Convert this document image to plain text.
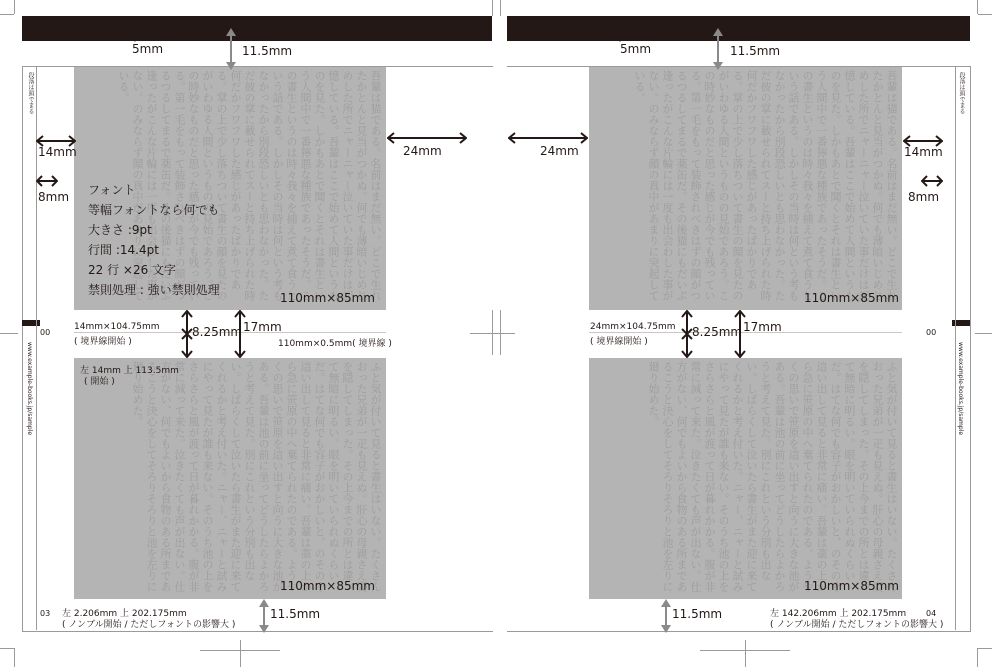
00
段落は頭でまる
www.example-books.jp/sample
吾輩は猫である。名前はまだ無い。どこで生れたかとんと見当がつかぬ。何でも薄暗いじめじめした所でニャーニャー泣いていた事だけは記憶している。吾輩はここで始めて人間というものを見た。しかもあとで聞くとそれは書生という人間中で一番獰悪な種族であったそうだ。この書生というのは時々我々を捕えて煮て食うという話である。しかしその当時は何という考もなかったから別段恐しいとも思わなかった。ただ彼の掌に載せられてスーと持ち上げられた時何だかフワフワした感じがあったばかりである。掌の上で少し落ちついて書生の顔を見たのがいわゆる人間というものの見始であろう。この時妙なものだと思った感じが今でも残っている。第一毛をもって装飾されべきはずの顔がつるつるしてまるで薬缶だ。その後猫にもだいぶ逢ったがこんな片輪には一度も出会わした事がない。のみならず顔の真中があまりに突起している。
フォント
等幅フォントなら何でも
大きさ :9pt
行間 :14.4pt
22 行 ×26 文字
禁則処理 : 強い禁則処理
110mm×85mm
14mm×104.75mm
( 境界線開始 )	110mm×0.5mm( 境界線 )
ふと気が付いて見ると書生はいない。たくさんおった兄弟が一疋も見えぬ。肝心の母親さえ姿を隠してしまった。その上今までの所とは違って無暗に明るい。眼を明いていられぬくらいだ。はてな何でも容子がおかしいと、のそのそ這い出して見ると非常に痛い。吾輩は藁の上から急に笹原の中へ棄てられたのである。ようやくの思いで笹原を這い出すと向うに大きな池がある。吾輩は池の前に坐ってどうしたらよかろうと考えて見た。別にこれという分別も出ない。しばらくして泣いたら書生がまた迎に来てくれるかと考え付いた。ニャー、ニャーと試みにやって見たが誰も来ない。そのうち池の上をさらさらと風が渡って日が暮れかかる。腹が非常に減って来た。泣きたくても声が出ない。仕方がない、何でもよいから食物のある所まであるこうと決心をしてそろりそろりと池を左りに廻り始めた。
左 14mm 上 113.5mm
( 開始 )
110mm×85mm
5mm	11.5mm
14mm
8mm
24mm
8.25mm 17mm
11.5mm
03 左 2.206mm 上 202.175mm
( ノンブル開始 / ただしフォントの影響大 )
00
段落は頭でまる
www.example-books.jp/sample
吾輩は猫である。名前はまだ無い。どこで生れたかとんと見当がつかぬ。何でも薄暗いじめじめした所でニャーニャー泣いていた事だけは記憶している。吾輩はここで始めて人間というものを見た。しかもあとで聞くとそれは書生という人間中で一番獰悪な種族であったそうだ。この書生というのは時々我々を捕えて煮て食うという話である。しかしその当時は何という考もなかったから別段恐しいとも思わなかった。ただ彼の掌に載せられてスーと持ち上げられた時何だかフワフワした感じがあったばかりである。掌の上で少し落ちついて書生の顔を見たのがいわゆる人間というものの見始であろう。この時妙なものだと思った感じが今でも残っている。第一毛をもって装飾されべきはずの顔がつるつるしてまるで薬缶だ。その後猫にもだいぶ逢ったがこんな片輪には一度も出会わした事がない。のみならず顔の真中があまりに突起している。
110mm×85mm
24mm×104.75mm
( 境界線開始 )
ふと気が付いて見ると書生はいない。たくさんおった兄弟が一疋も見えぬ。肝心の母親さえ姿を隠してしまった。その上今までの所とは違って無暗に明るい。眼を明いていられぬくらいだ。はてな何でも容子がおかしいと、のそのそ這い出して見ると非常に痛い。吾輩は藁の上から急に笹原の中へ棄てられたのである。ようやくの思いで笹原を這い出すと向うに大きな池がある。吾輩は池の前に坐ってどうしたらよかろうと考えて見た。別にこれという分別も出ない。しばらくして泣いたら書生がまた迎に来てくれるかと考え付いた。ニャー、ニャーと試みにやって見たが誰も来ない。そのうち池の上をさらさらと風が渡って日が暮れかかる。腹が非常に減って来た。泣きたくても声が出ない。仕方がない、何でもよいから食物のある所まであるこうと決心をしてそろりそろりと池を左りに廻り始めた。
110mm×85mm
5mm	11.5mm
24mm	14mm
8mm
8.25mm 17mm
11.5mm	左 142.206mm 上 202.175mm
( ノンブル開始 / ただしフォントの影響大 )
04
